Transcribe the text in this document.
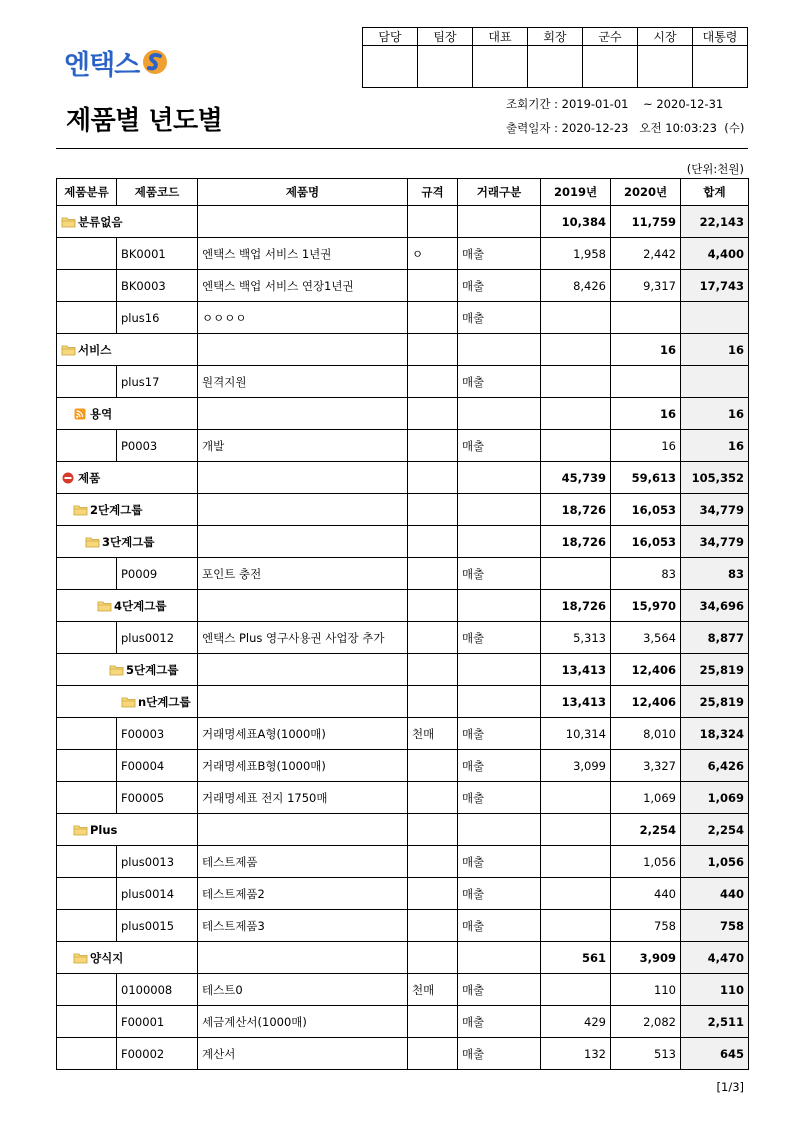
엔택스
담당	팀장	대표	회장	군수	시장	대통령

제품별 년도별
조회기간 : 2019-01-01    ~ 2020-12-31
출력일자 : 2020-12-23   오전 10:03:23  (수)
(단위:천원)
제품분류	제품코드	제품명	규격	거래구분	2019년	2020년	합계

분류없음					10,384	11,759	22,143
	BK0001	엔택스 백업 서비스 1년권	ㅇ	매출	1,958	2,442	4,400
	BK0003	엔택스 백업 서비스 연장1년권		매출	8,426	9,317	17,743
	plus16	ㅇㅇㅇㅇ		매출			

서비스						16	16
	plus17	원격지원		매출			

용역						16	16
	P0003	개발		매출		16	16

제품					45,739	59,613	105,352

2단계그룹					18,726	16,053	34,779

3단계그룹					18,726	16,053	34,779
	P0009	포인트 충전		매출		83	83

4단계그룹					18,726	15,970	34,696
	plus0012	엔택스 Plus 영구사용권 사업장 추가		매출	5,313	3,564	8,877

5단계그룹					13,413	12,406	25,819

n단계그룹					13,413	12,406	25,819
	F00003	거래명세표A형(1000매)	천매	매출	10,314	8,010	18,324
	F00004	거래명세표B형(1000매)		매출	3,099	3,327	6,426
	F00005	거래명세표 전지 1750매		매출		1,069	1,069

Plus						2,254	2,254
	plus0013	테스트제품		매출		1,056	1,056
	plus0014	테스트제품2		매출		440	440
	plus0015	테스트제품3		매출		758	758

양식지					561	3,909	4,470
	0100008	테스트0	천매	매출		110	110
	F00001	세금계산서(1000매)		매출	429	2,082	2,511
	F00002	계산서		매출	132	513	645
[1/3]
